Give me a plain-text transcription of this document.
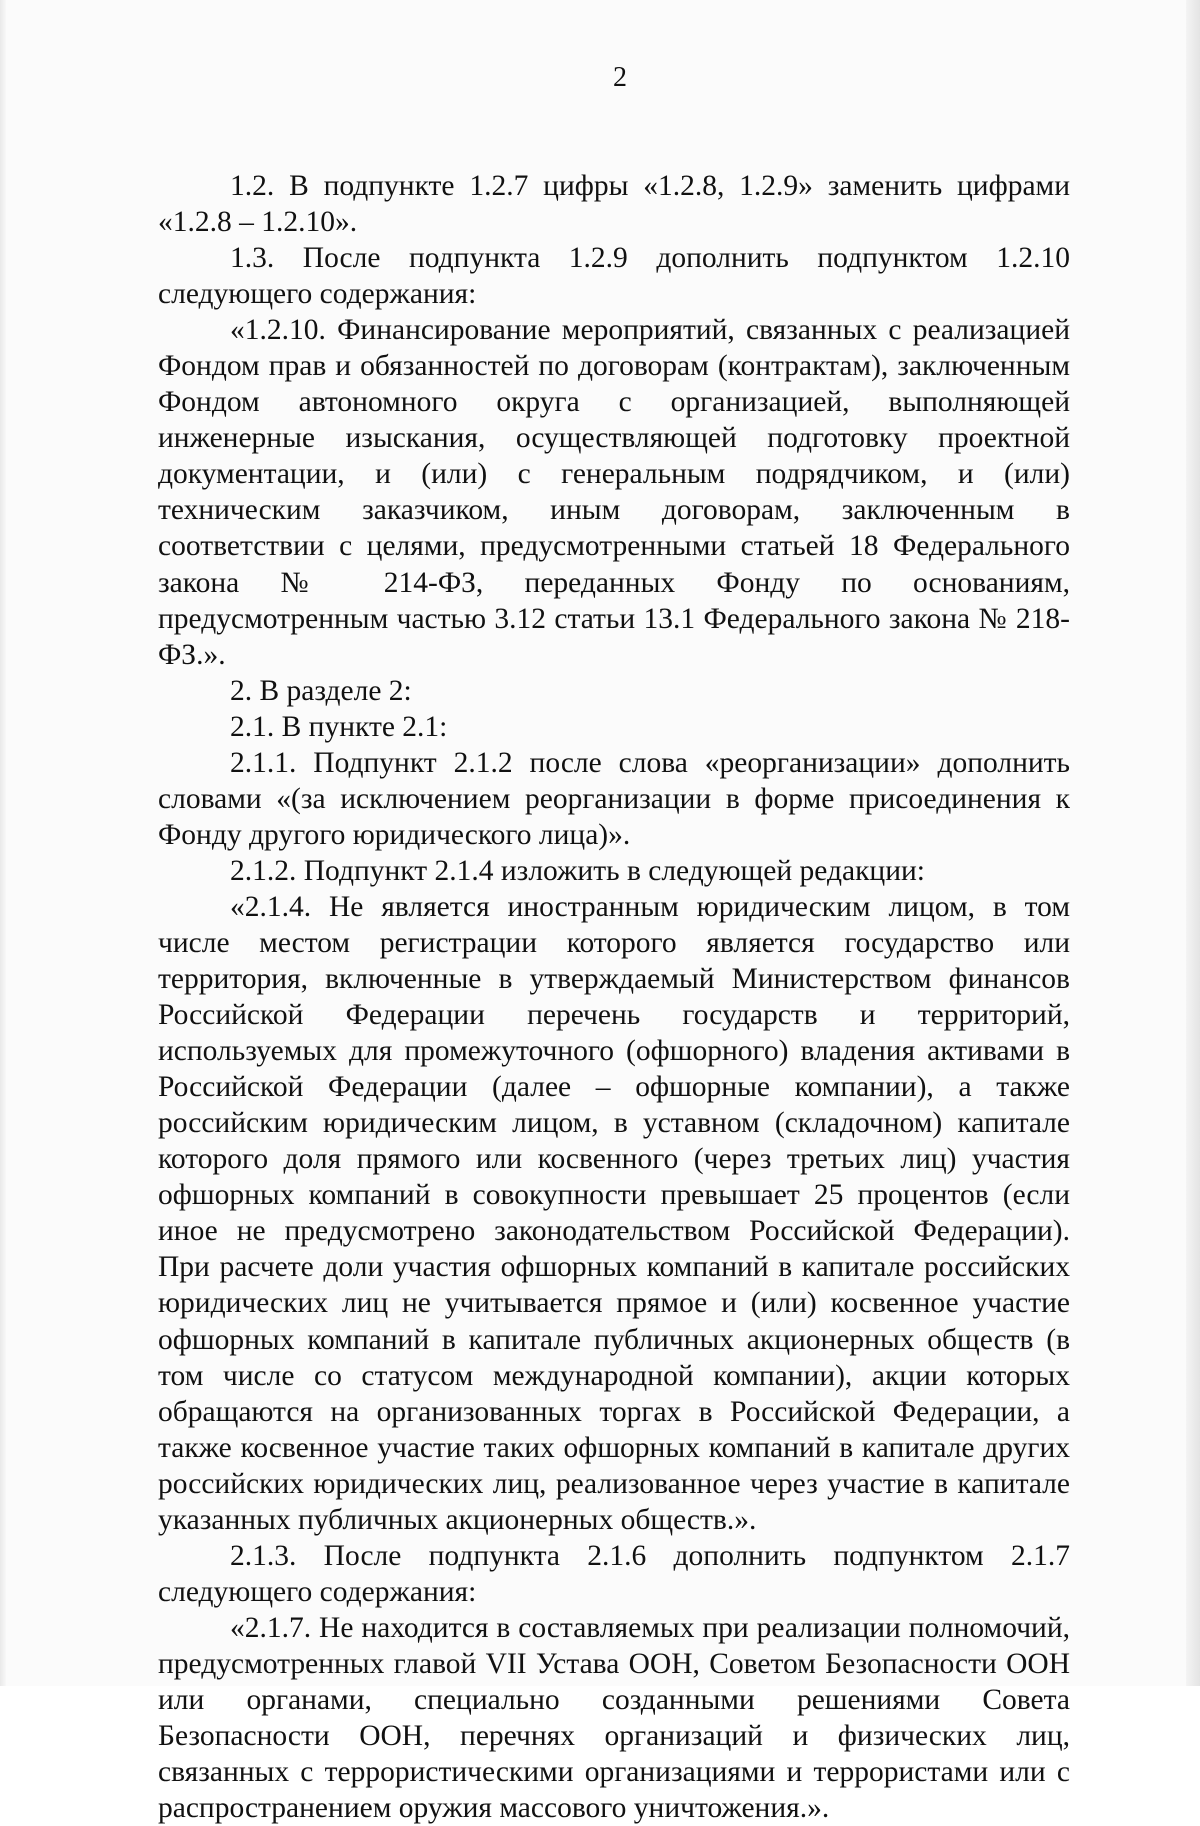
2

1.2. В подпункте 1.2.7 цифры «1.2.8, 1.2.9» заменить цифрами «1.2.8 – 1.2.10».

1.3. После подпункта 1.2.9 дополнить подпунктом 1.2.10 следующего содержания:

«1.2.10. Финансирование мероприятий, связанных с реализацией Фондом прав и обязанностей по договорам (контрактам), заключенным Фондом автономного округа с организацией, выполняющей инженерные изыскания, осуществляющей подготовку проектной документации, и (или) с генеральным подрядчиком, и (или) техническим заказчиком, иным договорам, заключенным в соответствии с целями, предусмотренными статьей 18 Федерального закона № 214-ФЗ, переданных Фонду по основаниям, предусмотренным частью 3.12 статьи 13.1 Федерального закона № 218-ФЗ.».

2. В разделе 2:

2.1. В пункте 2.1:

2.1.1. Подпункт 2.1.2 после слова «реорганизации» дополнить словами «(за исключением реорганизации в форме присоединения к Фонду другого юридического лица)».

2.1.2. Подпункт 2.1.4 изложить в следующей редакции:

«2.1.4. Не является иностранным юридическим лицом, в том числе местом регистрации которого является государство или территория, включенные в утверждаемый Министерством финансов Российской Федерации перечень государств и территорий, используемых для промежуточного (офшорного) владения активами в Российской Федерации (далее – офшорные компании), а также российским юридическим лицом, в уставном (складочном) капитале которого доля прямого или косвенного (через третьих лиц) участия офшорных компаний в совокупности превышает 25 процентов (если иное не предусмотрено законодательством Российской Федерации). При расчете доли участия офшорных компаний в капитале российских юридических лиц не учитывается прямое и (или) косвенное участие офшорных компаний в капитале публичных акционерных обществ (в том числе со статусом международной компании), акции которых обращаются на организованных торгах в Российской Федерации, а также косвенное участие таких офшорных компаний в капитале других российских юридических лиц, реализованное через участие в капитале указанных публичных акционерных обществ.».

2.1.3. После подпункта 2.1.6 дополнить подпунктом 2.1.7 следующего содержания:

«2.1.7. Не находится в составляемых при реализации полномочий, предусмотренных главой VII Устава ООН, Советом Безопасности ООН или органами, специально созданными решениями Совета Безопасности ООН, перечнях организаций и физических лиц, связанных с террористическими организациями и террористами или с распространением оружия массового уничтожения.».
